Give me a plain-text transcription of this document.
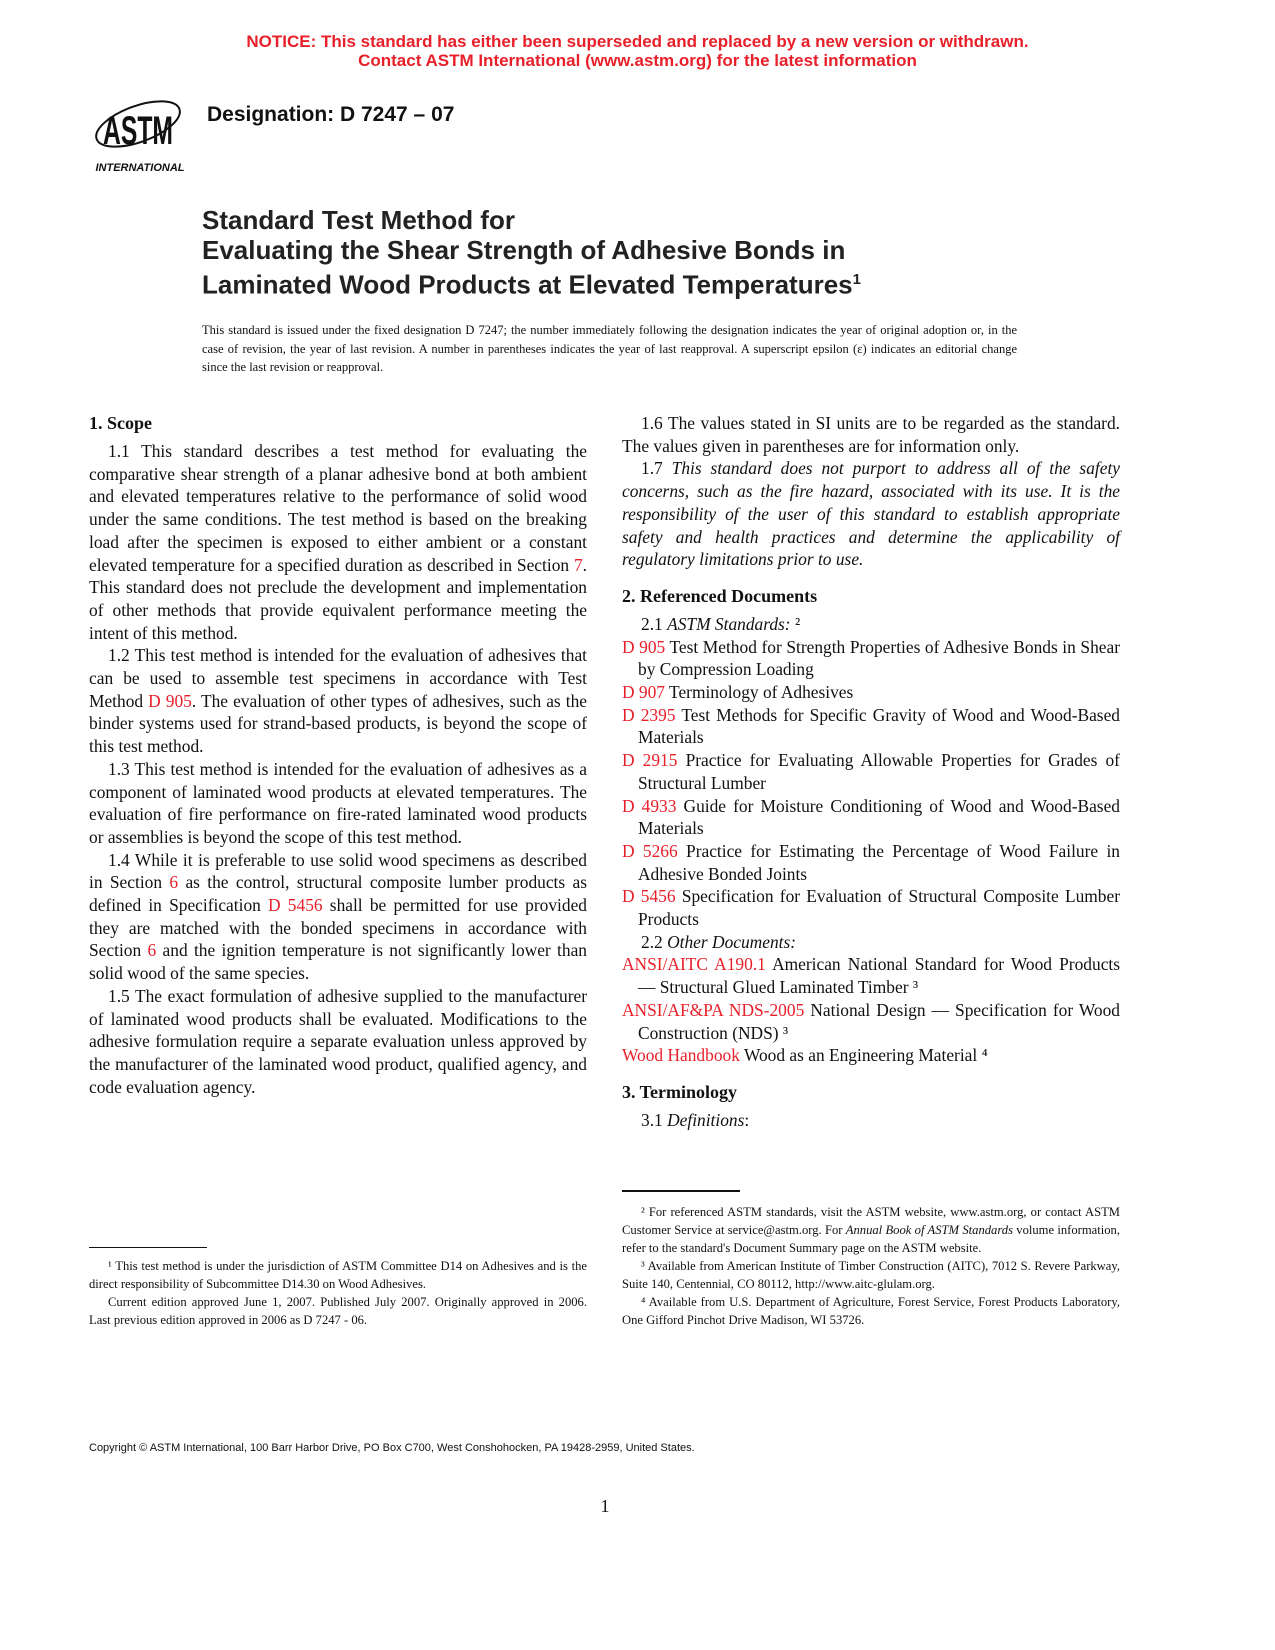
NOTICE: This standard has either been superseded and replaced by a new version or withdrawn.
Contact ASTM International (www.astm.org) for the latest information
ASTM
INTERNATIONAL
Designation: D 7247 – 07
Standard Test Method for
Evaluating the Shear Strength of Adhesive Bonds in
Laminated Wood Products at Elevated Temperatures$^1$
This standard is issued under the fixed designation D 7247; the number immediately following the designation indicates the year of original adoption or, in the case of revision, the year of last revision. A number in parentheses indicates the year of last reapproval. A superscript epsilon (ε) indicates an editorial change since the last revision or reapproval.
1. Scope

1.1 This standard describes a test method for evaluating the comparative shear strength of a planar adhesive bond at both ambient and elevated temperatures relative to the performance of solid wood under the same conditions. The test method is based on the breaking load after the specimen is exposed to either ambient or a constant elevated temperature for a specified duration as described in Section 7. This standard does not preclude the development and implementation of other methods that provide equivalent performance meeting the intent of this method.

1.2 This test method is intended for the evaluation of adhesives that can be used to assemble test specimens in accordance with Test Method D 905. The evaluation of other types of adhesives, such as the binder systems used for strand-based products, is beyond the scope of this test method.

1.3 This test method is intended for the evaluation of adhesives as a component of laminated wood products at elevated temperatures. The evaluation of fire performance on fire-rated laminated wood products or assemblies is beyond the scope of this test method.

1.4 While it is preferable to use solid wood specimens as described in Section 6 as the control, structural composite lumber products as defined in Specification D 5456 shall be permitted for use provided they are matched with the bonded specimens in accordance with Section 6 and the ignition temperature is not significantly lower than solid wood of the same species.

1.5 The exact formulation of adhesive supplied to the manufacturer of laminated wood products shall be evaluated. Modifications to the adhesive formulation require a separate evaluation unless approved by the manufacturer of the laminated wood product, qualified agency, and code evaluation agency.

1.6 The values stated in SI units are to be regarded as the standard. The values given in parentheses are for information only.

1.7 This standard does not purport to address all of the safety concerns, such as the fire hazard, associated with its use. It is the responsibility of the user of this standard to establish appropriate safety and health practices and determine the applicability of regulatory limitations prior to use.

2. Referenced Documents

2.1 ASTM Standards: ²

D 905 Test Method for Strength Properties of Adhesive Bonds in Shear by Compression Loading

D 907 Terminology of Adhesives

D 2395 Test Methods for Specific Gravity of Wood and Wood-Based Materials

D 2915 Practice for Evaluating Allowable Properties for Grades of Structural Lumber

D 4933 Guide for Moisture Conditioning of Wood and Wood-Based Materials

D 5266 Practice for Estimating the Percentage of Wood Failure in Adhesive Bonded Joints

D 5456 Specification for Evaluation of Structural Composite Lumber Products

2.2 Other Documents:

ANSI/AITC A190.1 American National Standard for Wood Products — Structural Glued Laminated Timber ³

ANSI/AF&PA NDS-2005 National Design — Specification for Wood Construction (NDS) ³

Wood Handbook Wood as an Engineering Material ⁴

3. Terminology

3.1 Definitions:

¹ This test method is under the jurisdiction of ASTM Committee D14 on Adhesives and is the direct responsibility of Subcommittee D14.30 on Wood Adhesives.

Current edition approved June 1, 2007. Published July 2007. Originally approved in 2006. Last previous edition approved in 2006 as D 7247 - 06.

² For referenced ASTM standards, visit the ASTM website, www.astm.org, or contact ASTM Customer Service at service@astm.org. For Annual Book of ASTM Standards volume information, refer to the standard's Document Summary page on the ASTM website.

³ Available from American Institute of Timber Construction (AITC), 7012 S. Revere Parkway, Suite 140, Centennial, CO 80112, http://www.aitc-glulam.org.

⁴ Available from U.S. Department of Agriculture, Forest Service, Forest Products Laboratory, One Gifford Pinchot Drive Madison, WI 53726.

Copyright © ASTM International, 100 Barr Harbor Drive, PO Box C700, West Conshohocken, PA 19428-2959, United States.
1
